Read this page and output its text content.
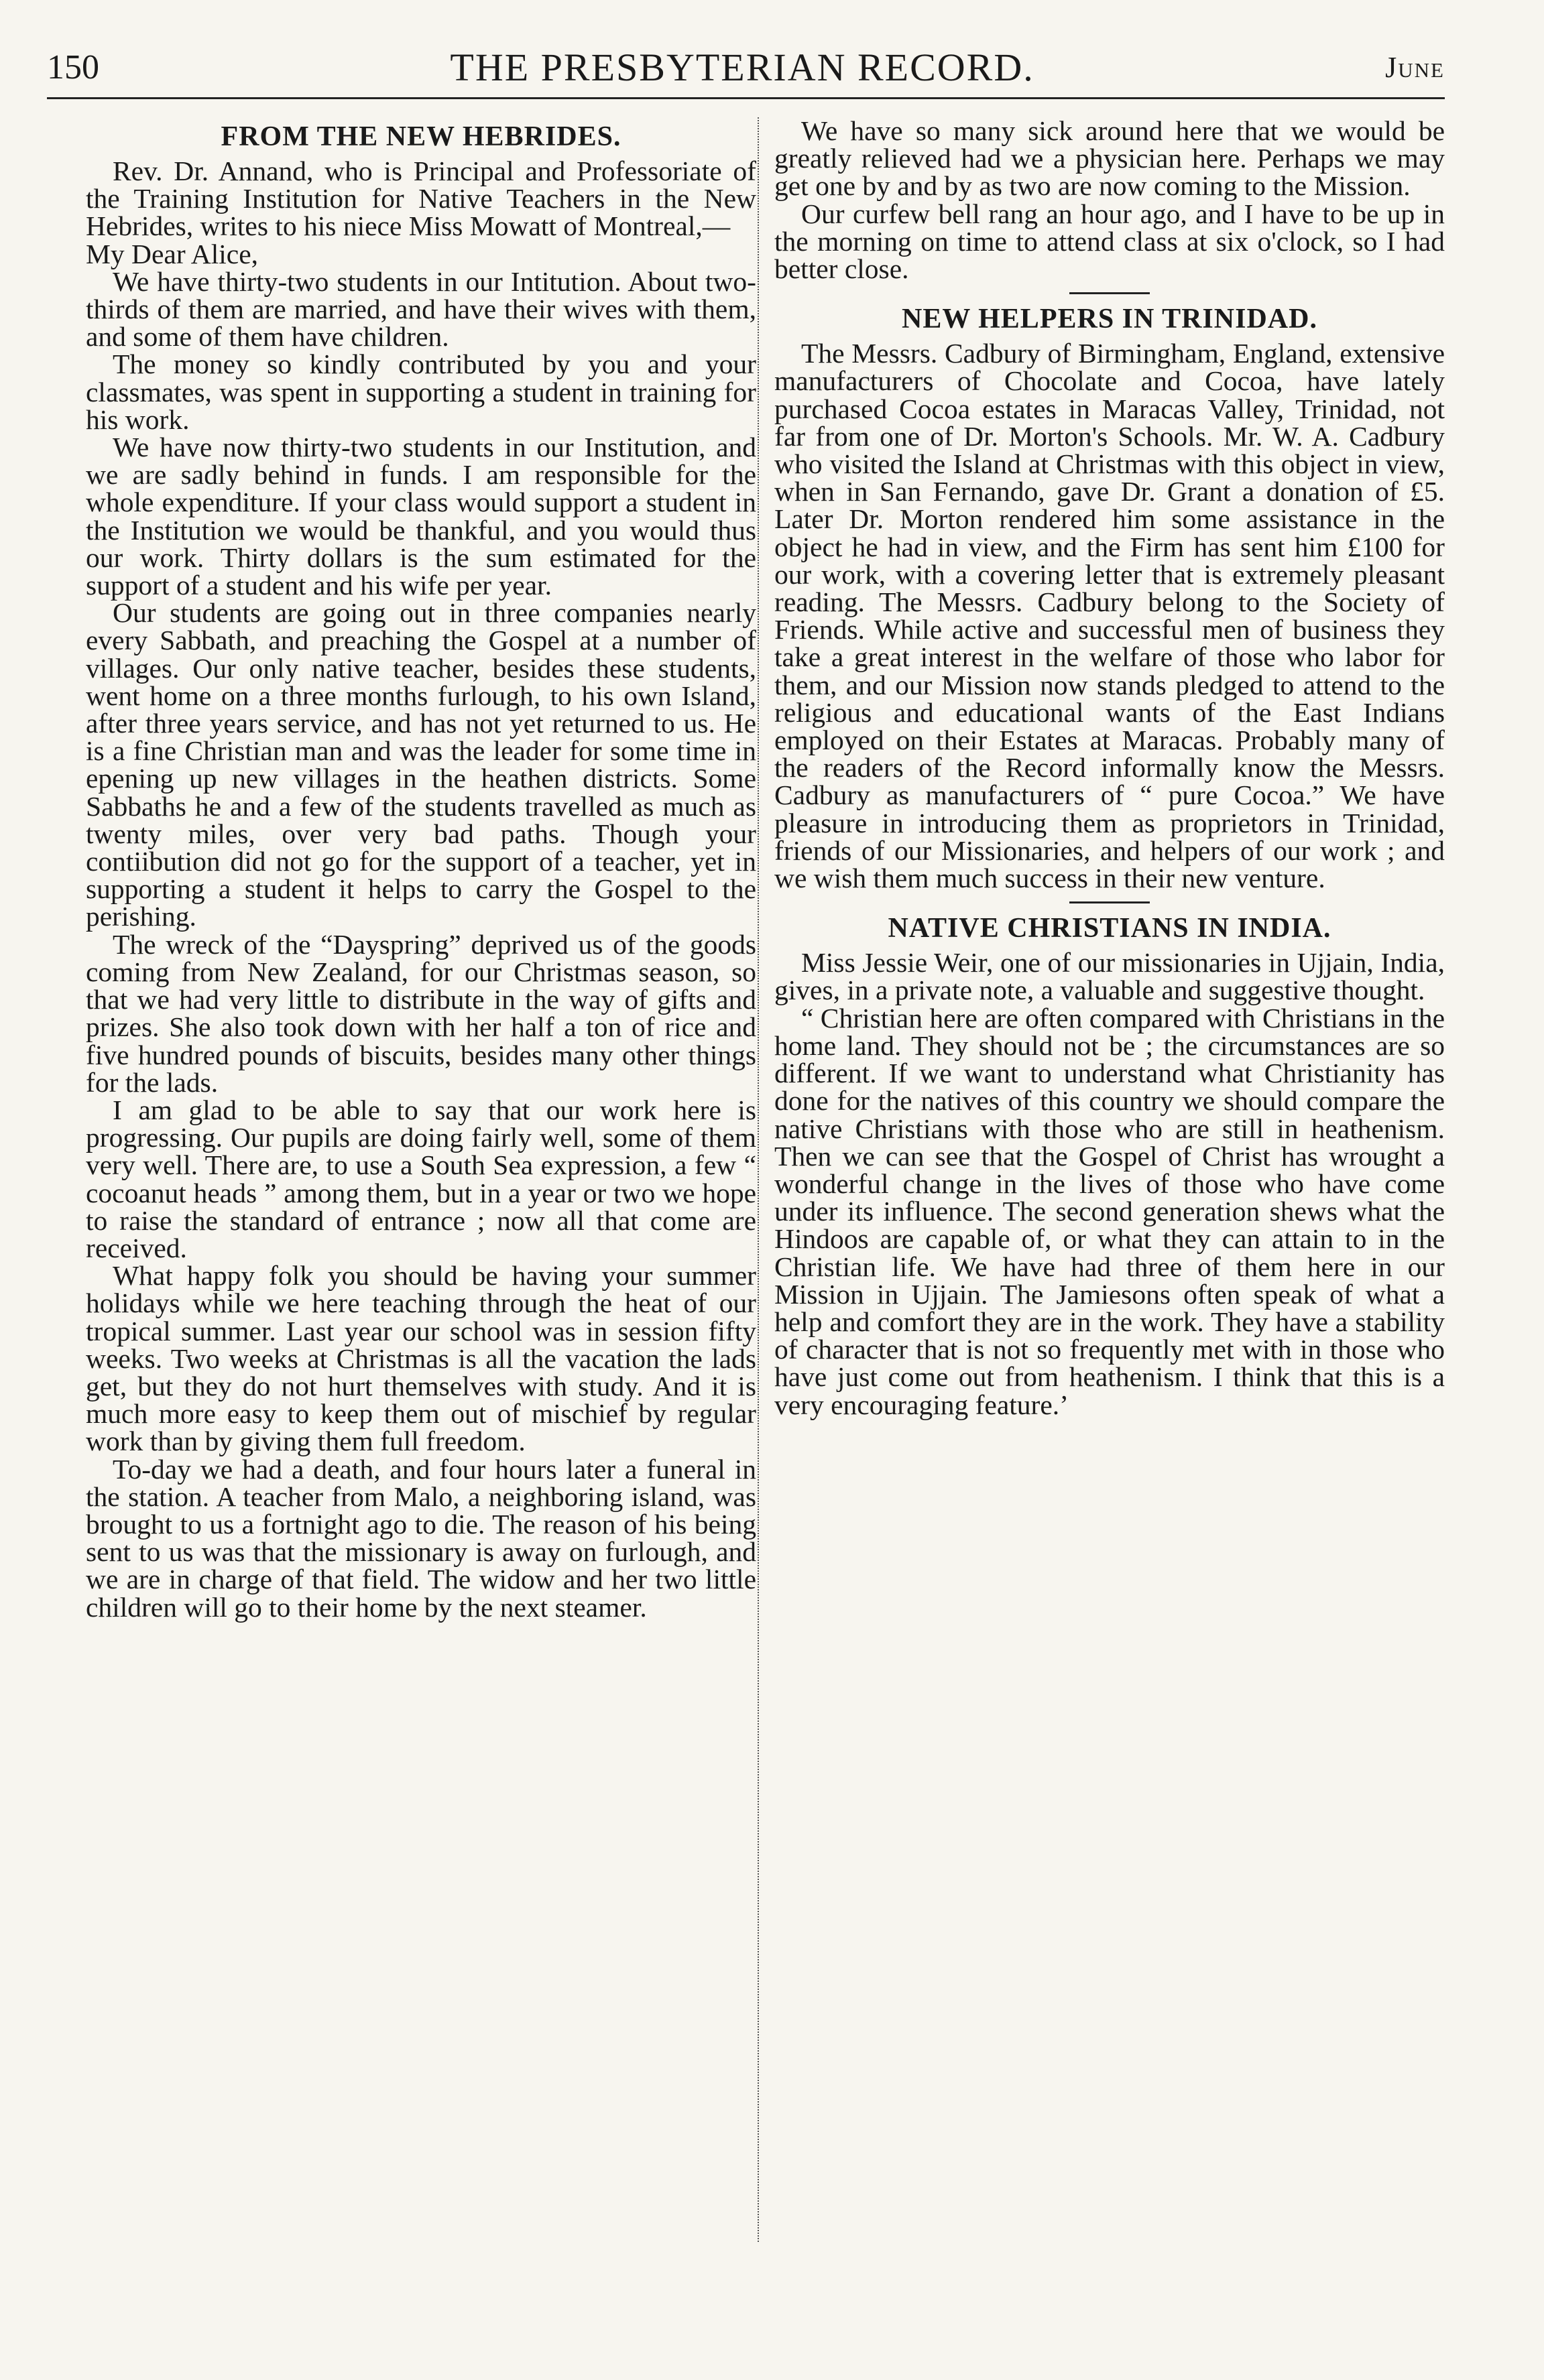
150	THE PRESBYTERIAN RECORD.	June
FROM THE NEW HEBRIDES.

Rev. Dr. Annand, who is Principal and Professoriate of the Training Institution for Native Teachers in the New Hebrides, writes to his niece Miss Mowatt of Montreal,—

My Dear Alice,

We have thirty-two students in our Intitution. About two-thirds of them are married, and have their wives with them, and some of them have children.

The money so kindly contributed by you and your classmates, was spent in supporting a student in training for his work.

We have now thirty-two students in our Institution, and we are sadly behind in funds. I am responsible for the whole expenditure. If your class would support a student in the Institution we would be thankful, and you would thus our work. Thirty dollars is the sum estimated for the support of a student and his wife per year.

Our students are going out in three companies nearly every Sabbath, and preaching the Gospel at a number of villages. Our only native teacher, besides these students, went home on a three months furlough, to his own Island, after three years service, and has not yet returned to us. He is a fine Christian man and was the leader for some time in epening up new villages in the heathen districts. Some Sabbaths he and a few of the students travelled as much as twenty miles, over very bad paths. Though your contiibution did not go for the support of a teacher, yet in supporting a student it helps to carry the Gospel to the perishing.

The wreck of the “Dayspring” deprived us of the goods coming from New Zealand, for our Christmas season, so that we had very little to distribute in the way of gifts and prizes. She also took down with her half a ton of rice and five hundred pounds of biscuits, besides many other things for the lads.

I am glad to be able to say that our work here is progressing. Our pupils are doing fairly well, some of them very well. There are, to use a South Sea expression, a few “ cocoanut heads ” among them, but in a year or two we hope to raise the standard of entrance ; now all that come are received.

What happy folk you should be having your summer holidays while we here teaching through the heat of our tropical summer. Last year our school was in session fifty weeks. Two weeks at Christmas is all the vacation the lads get, but they do not hurt themselves with study. And it is much more easy to keep them out of mischief by regular work than by giving them full freedom.

To-day we had a death, and four hours later a funeral in the station. A teacher from Malo, a neighboring island, was brought to us a fortnight ago to die. The reason of his being sent to us was that the missionary is away on furlough, and we are in charge of that field. The widow and her two little children will go to their home by the next steamer.

We have so many sick around here that we would be greatly relieved had we a physician here. Perhaps we may get one by and by as two are now coming to the Mission.

Our curfew bell rang an hour ago, and I have to be up in the morning on time to attend class at six o'clock, so I had better close.

NEW HELPERS IN TRINIDAD.

The Messrs. Cadbury of Birmingham, England, extensive manufacturers of Chocolate and Cocoa, have lately purchased Cocoa estates in Maracas Valley, Trinidad, not far from one of Dr. Morton's Schools. Mr. W. A. Cadbury who visited the Island at Christmas with this object in view, when in San Fernando, gave Dr. Grant a donation of £5. Later Dr. Morton rendered him some assistance in the object he had in view, and the Firm has sent him £100 for our work, with a covering letter that is extremely pleasant reading. The Messrs. Cadbury belong to the Society of Friends. While active and successful men of business they take a great interest in the welfare of those who labor for them, and our Mission now stands pledged to attend to the religious and educational wants of the East Indians employed on their Estates at Maracas. Probably many of the readers of the Record informally know the Messrs. Cadbury as manufacturers of “ pure Cocoa.” We have pleasure in introducing them as proprietors in Trinidad, friends of our Missionaries, and helpers of our work ; and we wish them much success in their new venture.

NATIVE CHRISTIANS IN INDIA.

Miss Jessie Weir, one of our missionaries in Ujjain, India, gives, in a private note, a valuable and suggestive thought.

“ Christian here are often compared with Christians in the home land. They should not be ; the circumstances are so different. If we want to understand what Christianity has done for the natives of this country we should compare the native Christians with those who are still in heathenism. Then we can see that the Gospel of Christ has wrought a wonderful change in the lives of those who have come under its influence. The second generation shews what the Hindoos are capable of, or what they can attain to in the Christian life. We have had three of them here in our Mission in Ujjain. The Jamiesons often speak of what a help and comfort they are in the work. They have a stability of character that is not so frequently met with in those who have just come out from heathenism. I think that this is a very encouraging feature.’
